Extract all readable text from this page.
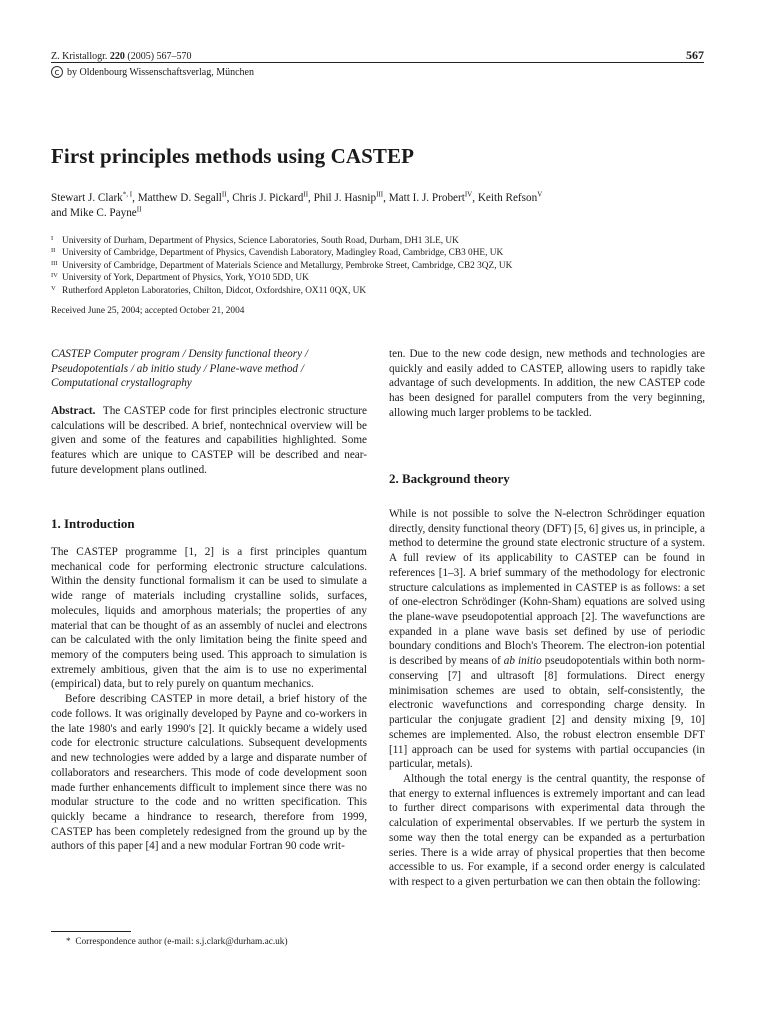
Z. Kristallogr. 220 (2005) 567–570	567
c by Oldenbourg Wissenschaftsverlag, München
First principles methods using CASTEP
Stewart J. Clark$^{*, I}$, Matthew D. Segall$^{II}$, Chris J. Pickard$^{II}$, Phil J. Hasnip$^{III}$, Matt I. J. Probert$^{IV}$, Keith Refson$^V$
and Mike C. Payne$^{II}$
I University of Durham, Department of Physics, Science Laboratories, South Road, Durham, DH1 3LE, UK
II University of Cambridge, Department of Physics, Cavendish Laboratory, Madingley Road, Cambridge, CB3 0HE, UK
III University of Cambridge, Department of Materials Science and Metallurgy, Pembroke Street, Cambridge, CB2 3QZ, UK
IV University of York, Department of Physics, York, YO10 5DD, UK
V Rutherford Appleton Laboratories, Chilton, Didcot, Oxfordshire, OX11 0QX, UK
Received June 25, 2004; accepted October 21, 2004
CASTEP Computer program / Density functional theory / Pseudopotentials / ab initio study / Plane-wave method / Computational crystallography

Abstract. The CASTEP code for first principles electronic structure calculations will be described. A brief, nontechnical overview will be given and some of the features and capabilities highlighted. Some features which are unique to CASTEP will be described and near-future development plans outlined.

1. Introduction

The CASTEP programme [1, 2] is a first principles quantum mechanical code for performing electronic structure calculations. Within the density functional formalism it can be used to simulate a wide range of materials including crystalline solids, surfaces, molecules, liquids and amorphous materials; the properties of any material that can be thought of as an assembly of nuclei and electrons can be calculated with the only limitation being the finite speed and memory of the computers being used. This approach to simulation is extremely ambitious, given that the aim is to use no experimental (empirical) data, but to rely purely on quantum mechanics.

Before describing CASTEP in more detail, a brief history of the code follows. It was originally developed by Payne and co-workers in the late 1980's and early 1990's [2]. It quickly became a widely used code for electronic structure calculations. Subsequent developments and new technologies were added by a large and disparate number of collaborators and researchers. This mode of code development soon made further enhancements difficult to implement since there was no modular structure to the code and no written specification. This quickly became a hindrance to research, therefore from 1999, CASTEP has been completely redesigned from the ground up by the authors of this paper [4] and a new modular Fortran 90 code writ-

ten. Due to the new code design, new methods and technologies are quickly and easily added to CASTEP, allowing users to rapidly take advantage of such developments. In addition, the new CASTEP code has been designed for parallel computers from the very beginning, allowing much larger problems to be tackled.

2. Background theory

While is not possible to solve the N-electron Schrödinger equation directly, density functional theory (DFT) [5, 6] gives us, in principle, a method to determine the ground state electronic structure of a system. A full review of its applicability to CASTEP can be found in references [1–3]. A brief summary of the methodology for electronic structure calculations as implemented in CASTEP is as follows: a set of one-electron Schrödinger (Kohn-Sham) equations are solved using the plane-wave pseudopotential approach [2]. The wavefunctions are expanded in a plane wave basis set defined by use of periodic boundary conditions and Bloch's Theorem. The electron-ion potential is described by means of ab initio pseudopotentials within both norm-conserving [7] and ultrasoft [8] formulations. Direct energy minimisation schemes are used to obtain, self-consistently, the electronic wavefunctions and corresponding charge density. In particular the conjugate gradient [2] and density mixing [9, 10] schemes are implemented. Also, the robust electron ensemble DFT [11] approach can be used for systems with partial occupancies (in particular, metals).

Although the total energy is the central quantity, the response of that energy to external influences is extremely important and can lead to further direct comparisons with experimental data through the calculation of experimental observables. If we perturb the system in some way then the total energy can be expanded as a perturbation series. There is a wide array of physical properties that then become accessible to us. For example, if a second order energy is calculated with respect to a given perturbation we can then obtain the following:

* Correspondence author (e-mail: s.j.clark@durham.ac.uk)
